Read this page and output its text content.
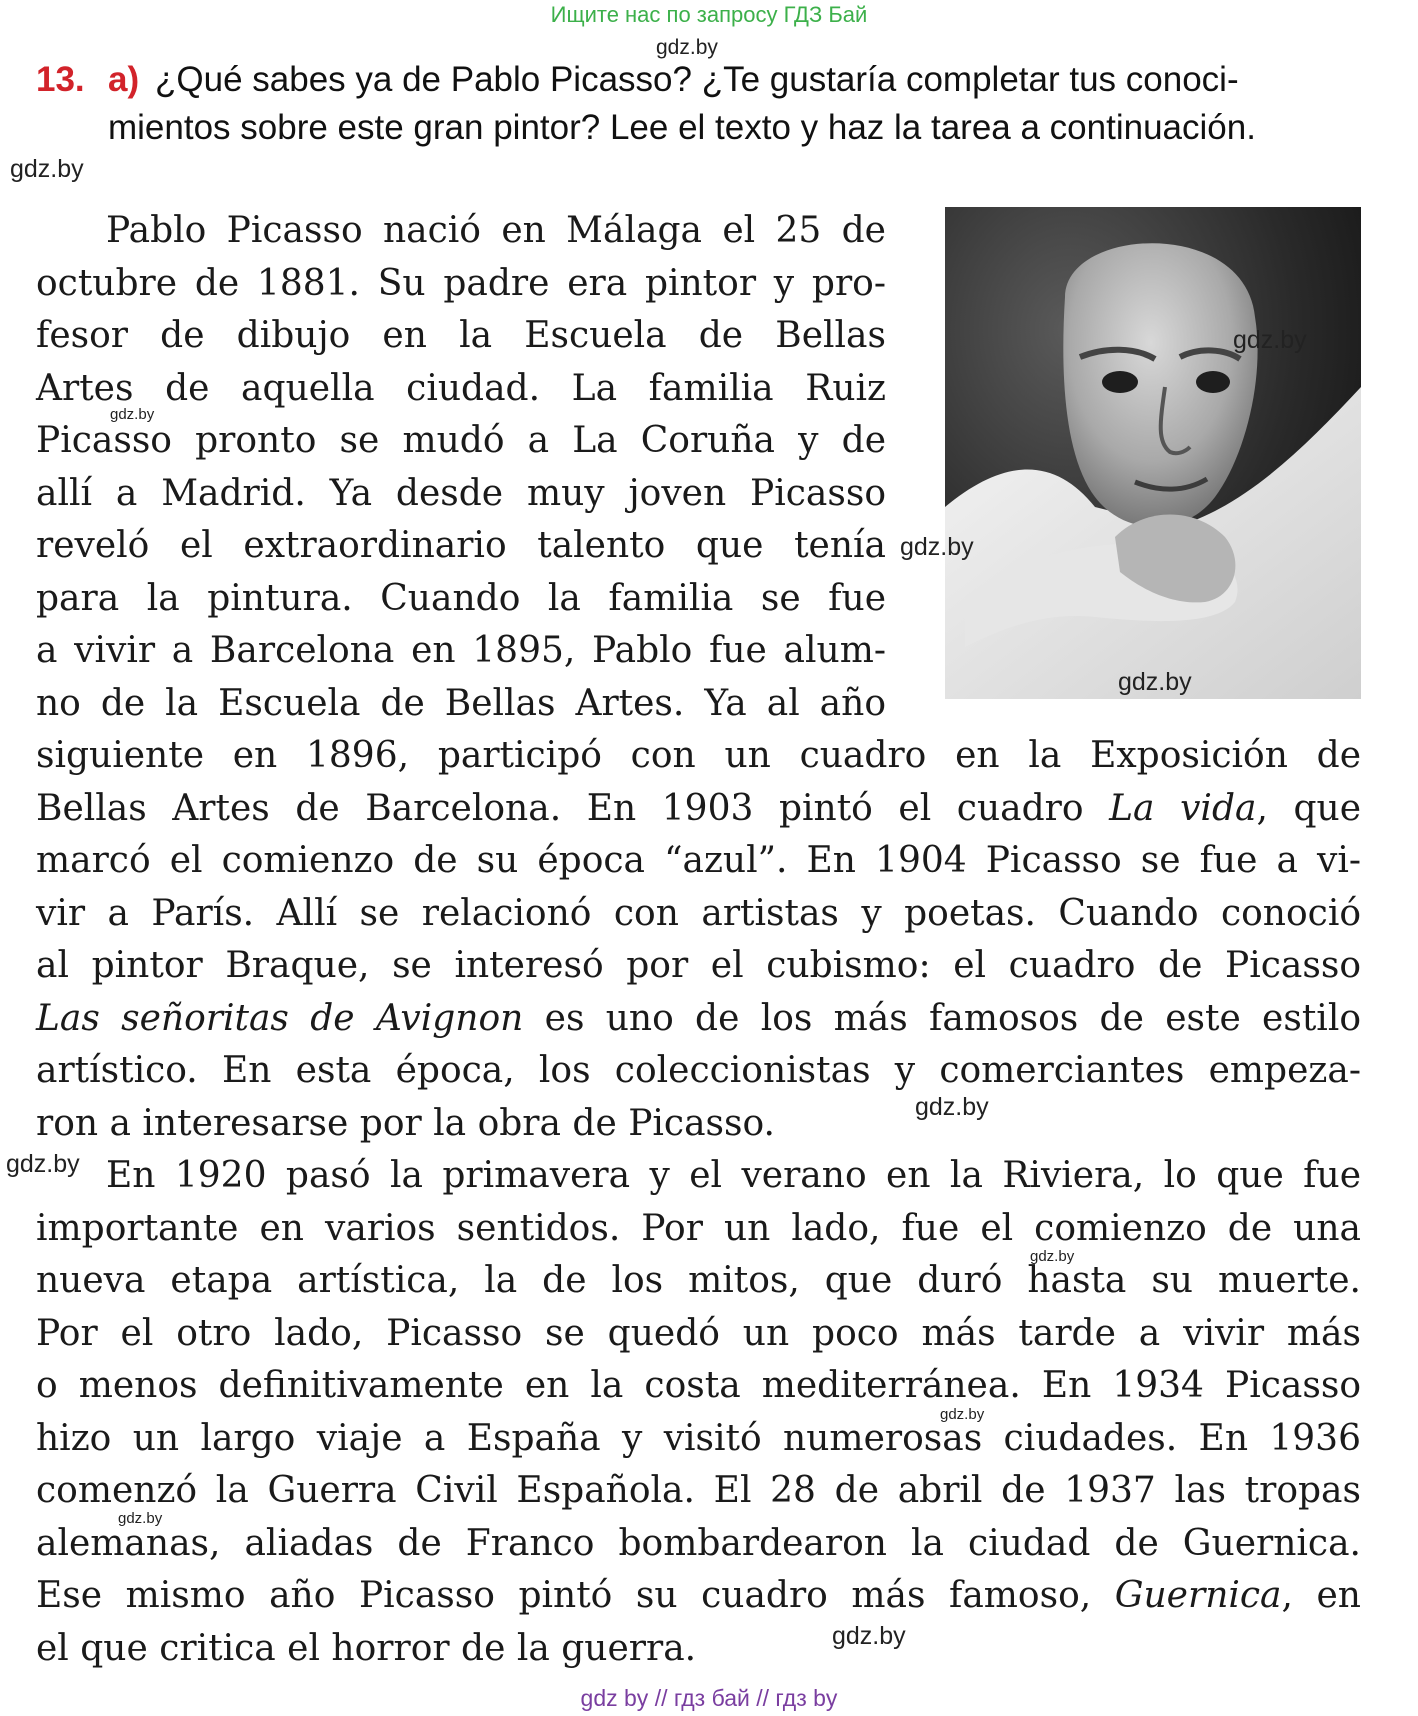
Ищите нас по запросу ГДЗ Бай
gdz.by
gdz.by
13. a) ¿Qué sabes ya de Pablo Picasso? ¿Te gustaría completar tus conoci-
mientos sobre este gran pintor? Lee el texto y haz la tarea a continuación.
gdz.by
gdz.by
gdz.by
Pablo Picasso nació en Málaga el 25 de
octubre de 1881. Su padre era pintor y pro-
fesor de dibujo en la Escuela de Bellas
Artes de aquella ciudad. La familia Ruiz
Picasso pronto se mudó a La Coruña y de
allí a Madrid. Ya desde muy joven Picasso
reveló el extraordinario talento que tenía
para la pintura. Cuando la familia se fue
a vivir a Barcelona en 1895, Pablo fue alum-
no de la Escuela de Bellas Artes. Ya al año
siguiente en 1896, participó con un cuadro en la Exposición de
Bellas Artes de Barcelona. En 1903 pintó el cuadro La vida, que
marcó el comienzo de su época “azul”. En 1904 Picasso se fue a vi-
vir a París. Allí se relacionó con artistas y poetas. Cuando conoció
al pintor Braque, se interesó por el cubismo: el cuadro de Picasso
Las señoritas de Avignon es uno de los más famosos de este estilo
artístico. En esta época, los coleccionistas y comerciantes empeza-
ron a interesarse por la obra de Picasso.
En 1920 pasó la primavera y el verano en la Riviera, lo que fue
importante en varios sentidos. Por un lado, fue el comienzo de una
nueva etapa artística, la de los mitos, que duró hasta su muerte.
Por el otro lado, Picasso se quedó un poco más tarde a vivir más
o menos definitivamente en la costa mediterránea. En 1934 Picasso
hizo un largo viaje a España y visitó numerosas ciudades. En 1936
comenzó la Guerra Civil Española. El 28 de abril de 1937 las tropas
alemanas, aliadas de Franco bombardearon la ciudad de Guernica.
Ese mismo año Picasso pintó su cuadro más famoso, Guernica, en
el que critica el horror de la guerra.
gdz.by
gdz.by
gdz.by
gdz.by
gdz.by
gdz.by
gdz.by
gdz by // гдз бай // гдз by
